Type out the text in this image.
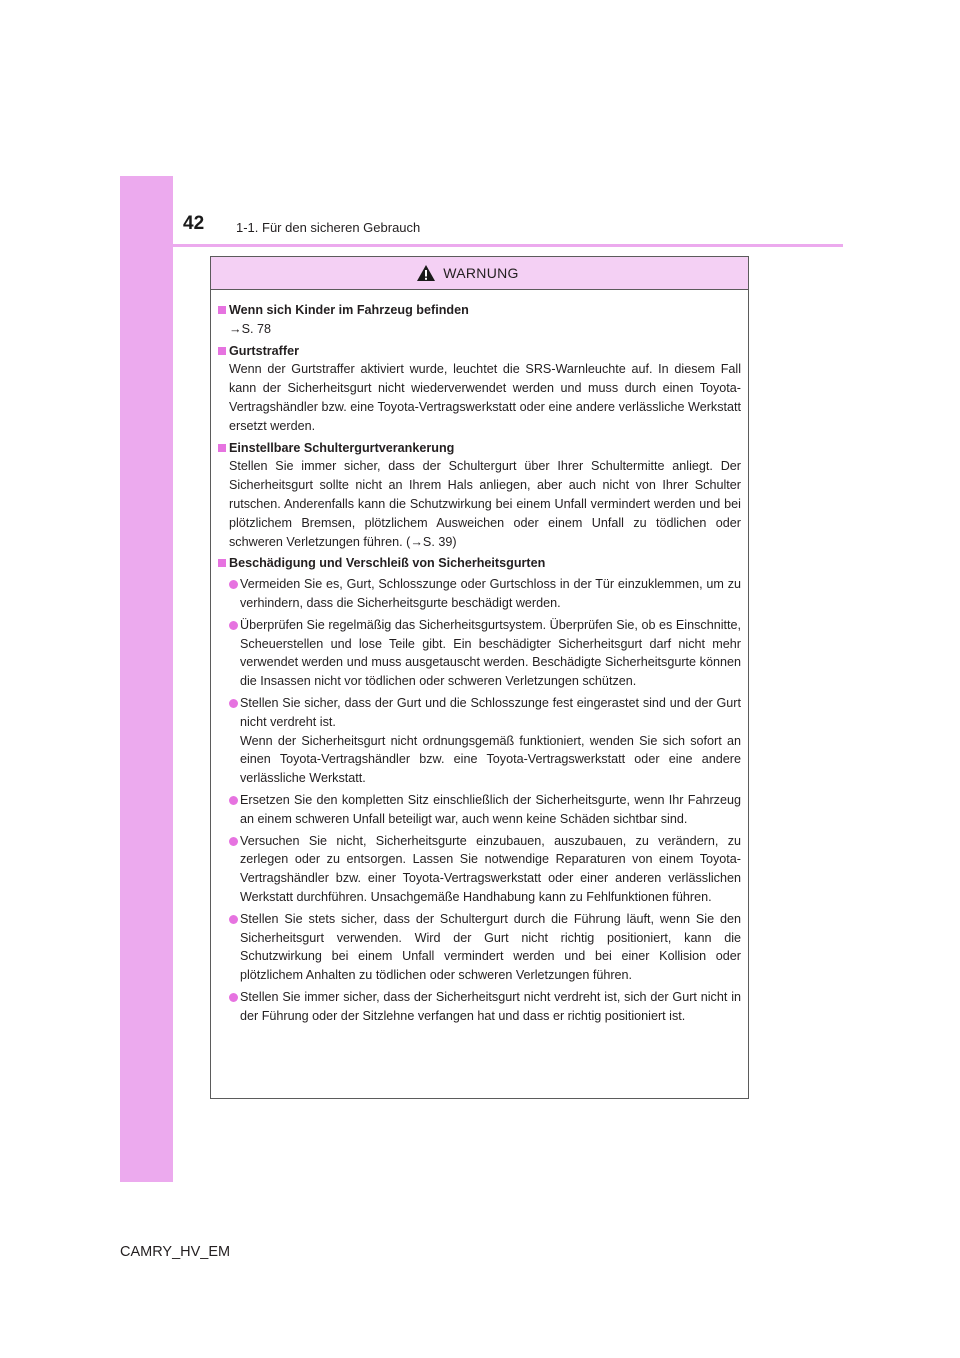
42 1-1. Für den sicheren Gebrauch
WARNUNG
Wenn sich Kinder im Fahrzeug befinden
→S. 78
Gurtstraffer
Wenn der Gurtstraffer aktiviert wurde, leuchtet die SRS-Warnleuchte auf. In diesem Fall kann der Sicherheitsgurt nicht wiederverwendet werden und muss durch einen Toyota-Vertragshändler bzw. eine Toyota-Vertragswerkstatt oder eine andere verlässliche Werkstatt ersetzt werden.
Einstellbare Schultergurtverankerung
Stellen Sie immer sicher, dass der Schultergurt über Ihrer Schultermitte anliegt. Der Sicherheitsgurt sollte nicht an Ihrem Hals anliegen, aber auch nicht von Ihrer Schulter rutschen. Anderenfalls kann die Schutzwirkung bei einem Unfall vermindert werden und bei plötzlichem Bremsen, plötzlichem Ausweichen oder einem Unfall zu tödlichen oder schweren Verletzungen führen. (→S. 39)
Beschädigung und Verschleiß von Sicherheitsgurten
Vermeiden Sie es, Gurt, Schlosszunge oder Gurtschloss in der Tür einzuklemmen, um zu verhindern, dass die Sicherheitsgurte beschädigt werden.
Überprüfen Sie regelmäßig das Sicherheitsgurtsystem. Überprüfen Sie, ob es Einschnitte, Scheuerstellen und lose Teile gibt. Ein beschädigter Sicherheitsgurt darf nicht mehr verwendet werden und muss ausgetauscht werden. Beschädigte Sicherheitsgurte können die Insassen nicht vor tödlichen oder schweren Verletzungen schützen.
Stellen Sie sicher, dass der Gurt und die Schlosszunge fest eingerastet sind und der Gurt nicht verdreht ist.
Wenn der Sicherheitsgurt nicht ordnungsgemäß funktioniert, wenden Sie sich sofort an einen Toyota-Vertragshändler bzw. eine Toyota-Vertragswerkstatt oder eine andere verlässliche Werkstatt.
Ersetzen Sie den kompletten Sitz einschließlich der Sicherheitsgurte, wenn Ihr Fahrzeug an einem schweren Unfall beteiligt war, auch wenn keine Schäden sichtbar sind.
Versuchen Sie nicht, Sicherheitsgurte einzubauen, auszubauen, zu verändern, zu zerlegen oder zu entsorgen. Lassen Sie notwendige Reparaturen von einem Toyota-Vertragshändler bzw. einer Toyota-Vertragswerkstatt oder einer anderen verlässlichen Werkstatt durchführen. Unsachgemäße Handhabung kann zu Fehlfunktionen führen.
Stellen Sie stets sicher, dass der Schultergurt durch die Führung läuft, wenn Sie den Sicherheitsgurt verwenden. Wird der Gurt nicht richtig positioniert, kann die Schutzwirkung bei einem Unfall vermindert werden und bei einer Kollision oder plötzlichem Anhalten zu tödlichen oder schweren Verletzungen führen.
Stellen Sie immer sicher, dass der Sicherheitsgurt nicht verdreht ist, sich der Gurt nicht in der Führung oder der Sitzlehne verfangen hat und dass er richtig positioniert ist.
CAMRY_HV_EM
